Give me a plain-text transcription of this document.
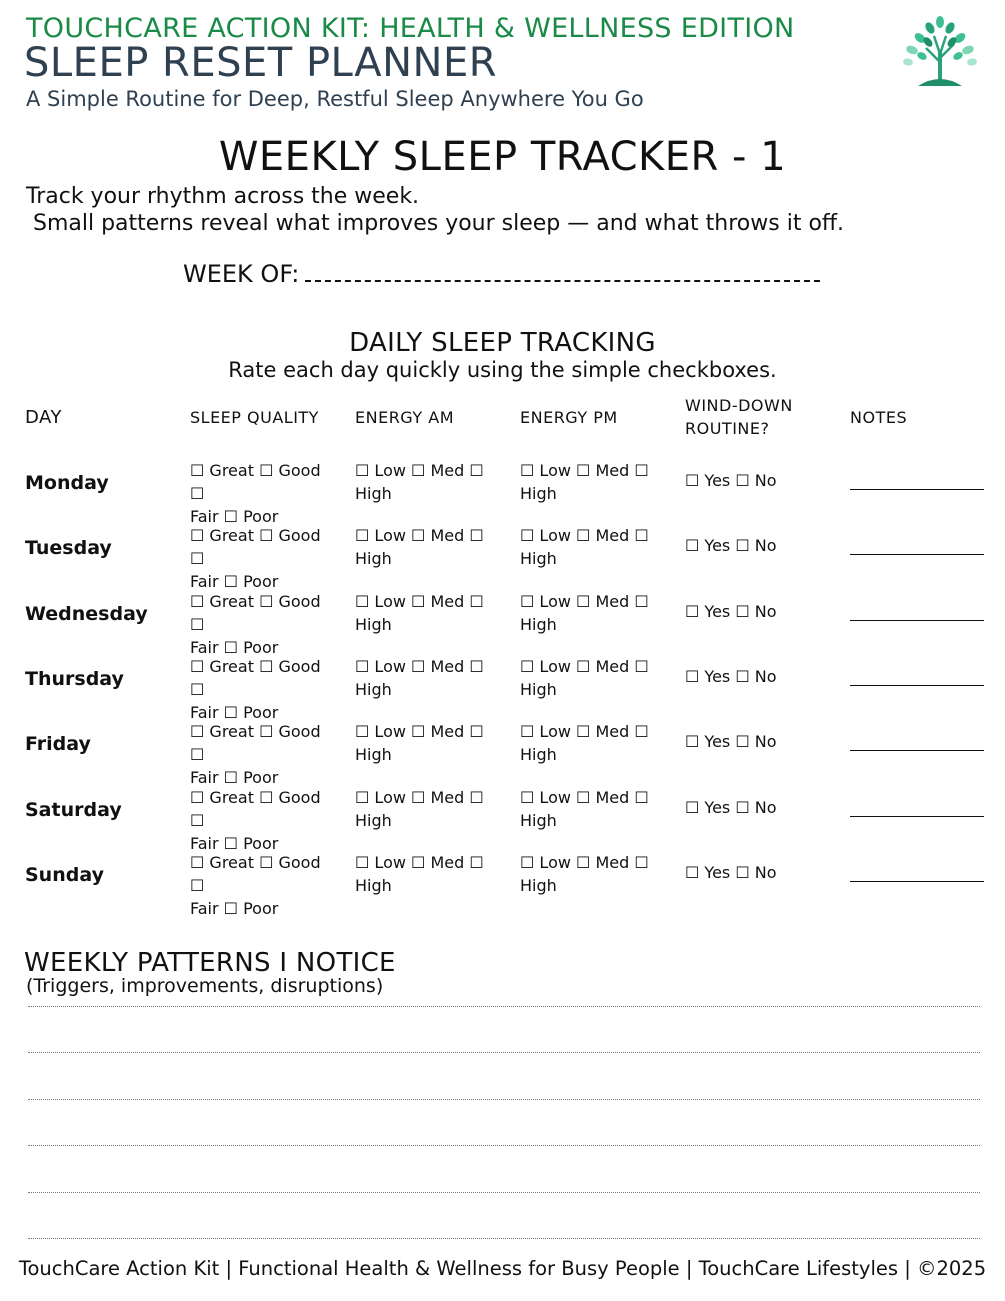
TOUCHCARE ACTION KIT: HEALTH & WELLNESS EDITION
SLEEP RESET PLANNER
A Simple Routine for Deep, Restful Sleep Anywhere You Go
WEEKLY SLEEP TRACKER - 1
Track your rhythm across the week.
Small patterns reveal what improves your sleep — and what throws it off.
WEEK OF:
DAILY SLEEP TRACKING
Rate each day quickly using the simple checkboxes.
DAY	SLEEP QUALITY ENERGY AM	ENERGY PM
WIND-DOWN
ROUTINE?
NOTES
Monday
☐ Great ☐ Good ☐
Fair ☐ Poor
☐ Low ☐ Med ☐
High
☐ Low ☐ Med ☐
High
☐ Yes ☐ No
Tuesday
☐ Great ☐ Good ☐
Fair ☐ Poor
☐ Low ☐ Med ☐
High
☐ Low ☐ Med ☐
High
☐ Yes ☐ No
Wednesday
☐ Great ☐ Good ☐
Fair ☐ Poor
☐ Low ☐ Med ☐
High
☐ Low ☐ Med ☐
High
☐ Yes ☐ No
Thursday
☐ Great ☐ Good ☐
Fair ☐ Poor
☐ Low ☐ Med ☐
High
☐ Low ☐ Med ☐
High
☐ Yes ☐ No
Friday
☐ Great ☐ Good ☐
Fair ☐ Poor
☐ Low ☐ Med ☐
High
☐ Low ☐ Med ☐
High
☐ Yes ☐ No
Saturday
☐ Great ☐ Good ☐
Fair ☐ Poor
☐ Low ☐ Med ☐
High
☐ Low ☐ Med ☐
High
☐ Yes ☐ No
Sunday
☐ Great ☐ Good ☐
Fair ☐ Poor
☐ Low ☐ Med ☐
High
☐ Low ☐ Med ☐
High
☐ Yes ☐ No
WEEKLY PATTERNS I NOTICE
(Triggers, improvements, disruptions)
TouchCare Action Kit | Functional Health & Wellness for Busy People | TouchCare Lifestyles | ©2025
